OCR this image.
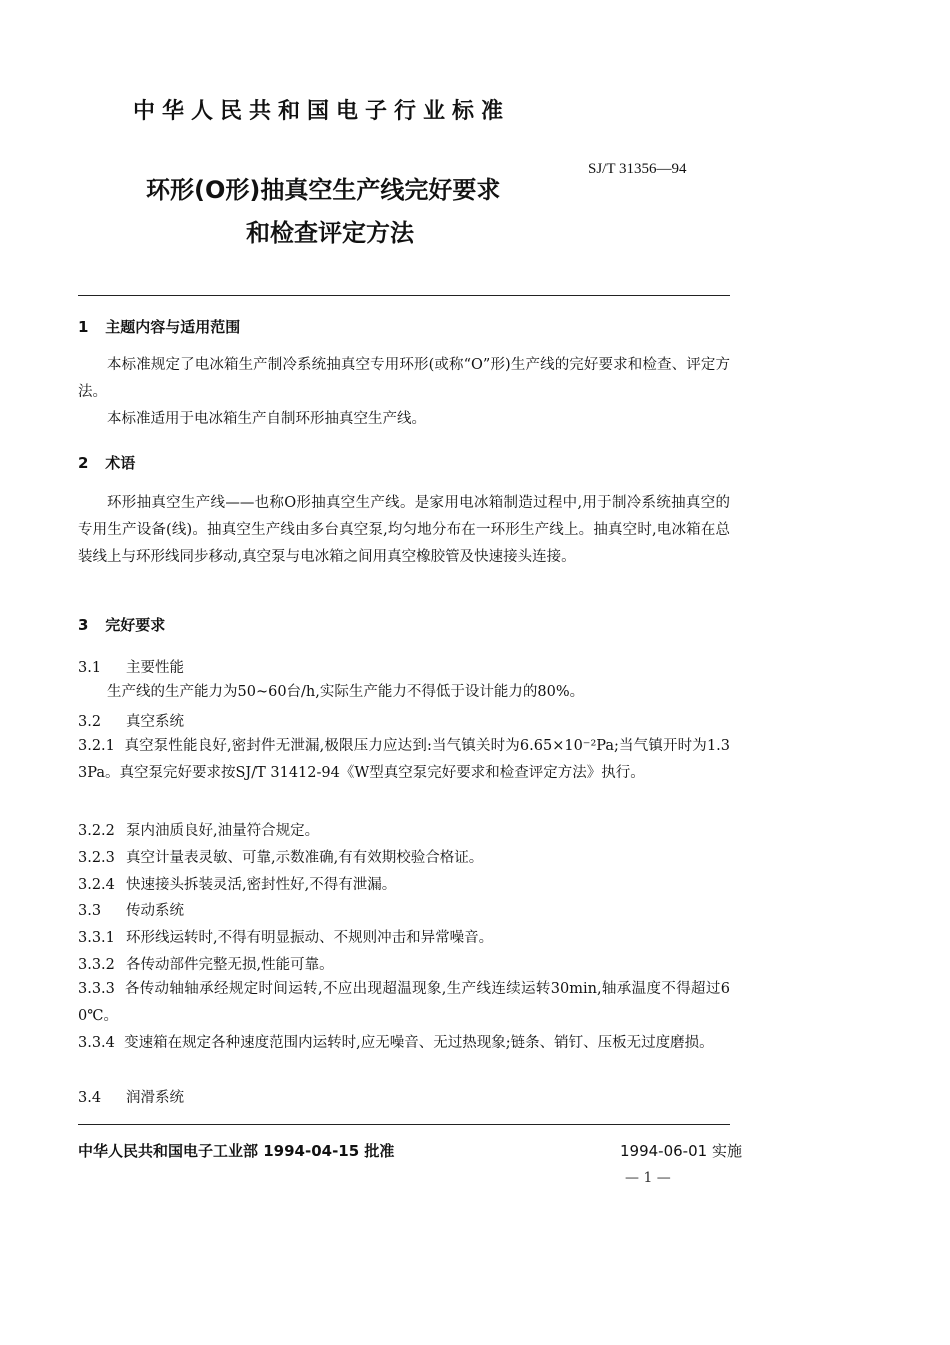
中华人民共和国电子行业标准
SJ/T 31356—94
环形(O形)抽真空生产线完好要求
和检查评定方法
1 主题内容与适用范围
本标准规定了电冰箱生产制冷系统抽真空专用环形(或称“O”形)生产线的完好要求和检查、评定方法。
本标准适用于电冰箱生产自制环形抽真空生产线。
2 术语
环形抽真空生产线——也称O形抽真空生产线。是家用电冰箱制造过程中,用于制冷系统抽真空的专用生产设备(线)。抽真空生产线由多台真空泵,均匀地分布在一环形生产线上。抽真空时,电冰箱在总装线上与环形线同步移动,真空泵与电冰箱之间用真空橡胶管及快速接头连接。
3 完好要求
3.1 主要性能
生产线的生产能力为50~60台/h,实际生产能力不得低于设计能力的80%。
3.2 真空系统
3.2.1 真空泵性能良好,密封件无泄漏,极限压力应达到:当气镇关时为6.65×10⁻²Pa;当气镇开时为1.33Pa。真空泵完好要求按SJ/T 31412-94《W型真空泵完好要求和检查评定方法》执行。
3.2.2 泵内油质良好,油量符合规定。
3.2.3 真空计量表灵敏、可靠,示数准确,有有效期校验合格证。
3.2.4 快速接头拆装灵活,密封性好,不得有泄漏。
3.3 传动系统
3.3.1 环形线运转时,不得有明显振动、不规则冲击和异常噪音。
3.3.2 各传动部件完整无损,性能可靠。
3.3.3 各传动轴轴承经规定时间运转,不应出现超温现象,生产线连续运转30min,轴承温度不得超过60℃。
3.3.4 变速箱在规定各种速度范围内运转时,应无噪音、无过热现象;链条、销钉、压板无过度磨损。
3.4 润滑系统
中华人民共和国电子工业部 1994-04-15 批准	1994-06-01 实施
— 1 —
